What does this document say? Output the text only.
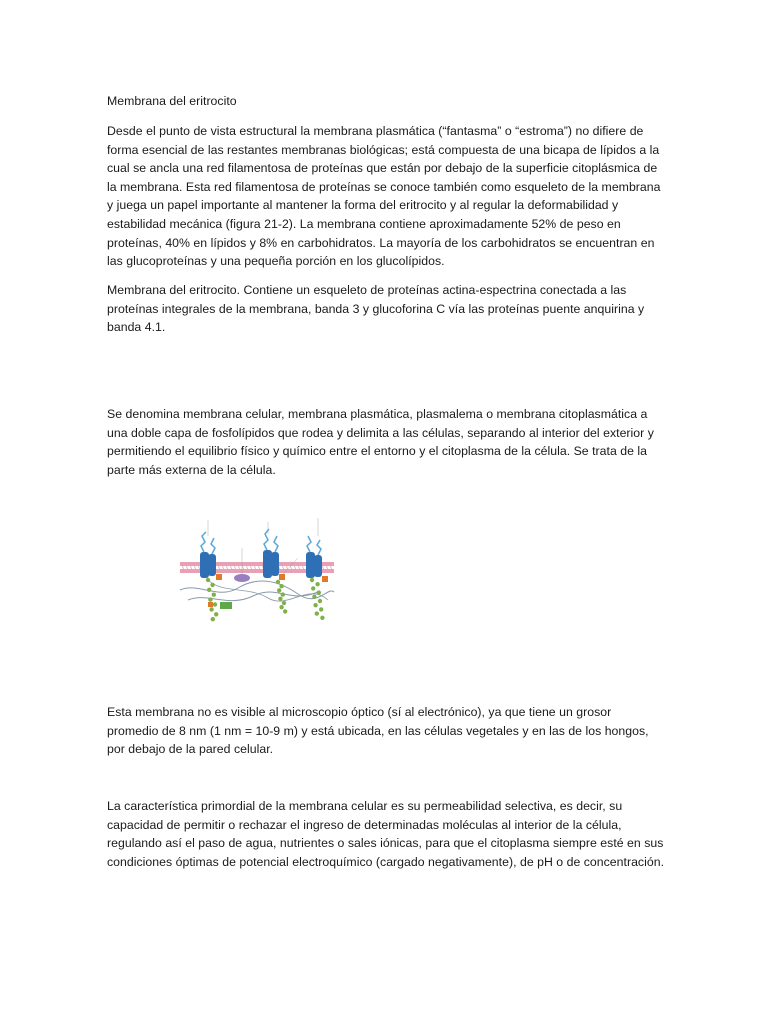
Membrana del eritrocito

Desde el punto de vista estructural la membrana plasmática (“fantasma” o “estroma”) no difiere de forma esencial de las restantes membranas biológicas; está compuesta de una bicapa de lípidos a la cual se ancla una red filamentosa de proteínas que están por debajo de la superficie citoplásmica de la membrana. Esta red filamentosa de proteínas se conoce también como esqueleto de la membrana y juega un papel importante al mantener la forma del eritrocito y al regular la deformabilidad y estabilidad mecánica (figura 21-2). La membrana contiene aproximadamente 52% de peso en proteínas, 40% en lípidos y 8% en carbohidratos. La mayoría de los carbohidratos se encuentran en las glucoproteínas y una pequeña porción en los glucolípidos.

Membrana del eritrocito. Contiene un esqueleto de proteínas actina-espectrina conectada a las proteínas integrales de la membrana, banda 3 y glucoforina C vía las proteínas puente anquirina y banda 4.1.

Se denomina membrana celular, membrana plasmática, plasmalema o membrana citoplasmática a una doble capa de fosfolípidos que rodea y delimita a las células, separando al interior del exterior y permitiendo el equilibrio físico y químico entre el entorno y el citoplasma de la célula. Se trata de la parte más externa de la célula.

Esta membrana no es visible al microscopio óptico (sí al electrónico), ya que tiene un grosor promedio de 8 nm (1 nm = 10-9 m) y está ubicada, en las células vegetales y en las de los hongos, por debajo de la pared celular.

La característica primordial de la membrana celular es su permeabilidad selectiva, es decir, su capacidad de permitir o rechazar el ingreso de determinadas moléculas al interior de la célula, regulando así el paso de agua, nutrientes o sales iónicas, para que el citoplasma siempre esté en sus condiciones óptimas de potencial electroquímico (cargado negativamente), de pH o de concentración.
